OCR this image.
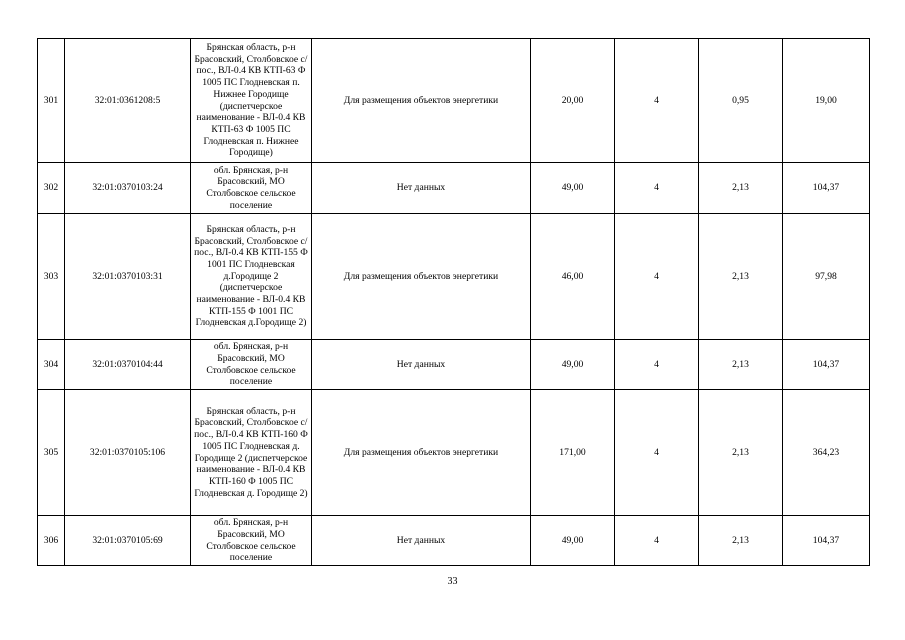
301	32:01:0361208:5	Брянская область, р-н Брасовский, Столбовское с/пос., ВЛ-0.4 КВ КТП-63 Ф 1005 ПС Глодневская п. Нижнее Городище (диспетчерское наименование - ВЛ-0.4 КВ КТП-63 Ф 1005 ПС Глодневская п. Нижнее Городище)	Для размещения объектов энергетики	20,00	4	0,95	19,00
302	32:01:0370103:24	обл. Брянская, р-н Брасовский, МО Столбовское сельское поселение	Нет данных	49,00	4	2,13	104,37
303	32:01:0370103:31	Брянская область, р-н Брасовский, Столбовское с/пос., ВЛ-0.4 КВ КТП-155 Ф 1001 ПС Глодневская д.Городище 2 (диспетчерское наименование - ВЛ-0.4 КВ КТП-155 Ф 1001 ПС Глодневская д.Городище 2)	Для размещения объектов энергетики	46,00	4	2,13	97,98
304	32:01:0370104:44	обл. Брянская, р-н Брасовский, МО Столбовское сельское поселение	Нет данных	49,00	4	2,13	104,37
305	32:01:0370105:106	Брянская область, р-н Брасовский, Столбовское с/пос., ВЛ-0.4 КВ КТП-160 Ф 1005 ПС Глодневская д. Городище 2 (диспетчерское наименование - ВЛ-0.4 КВ КТП-160 Ф 1005 ПС Глодневская д. Городище 2)	Для размещения объектов энергетики	171,00	4	2,13	364,23
306	32:01:0370105:69	обл. Брянская, р-н Брасовский, МО Столбовское сельское поселение	Нет данных	49,00	4	2,13	104,37
33
